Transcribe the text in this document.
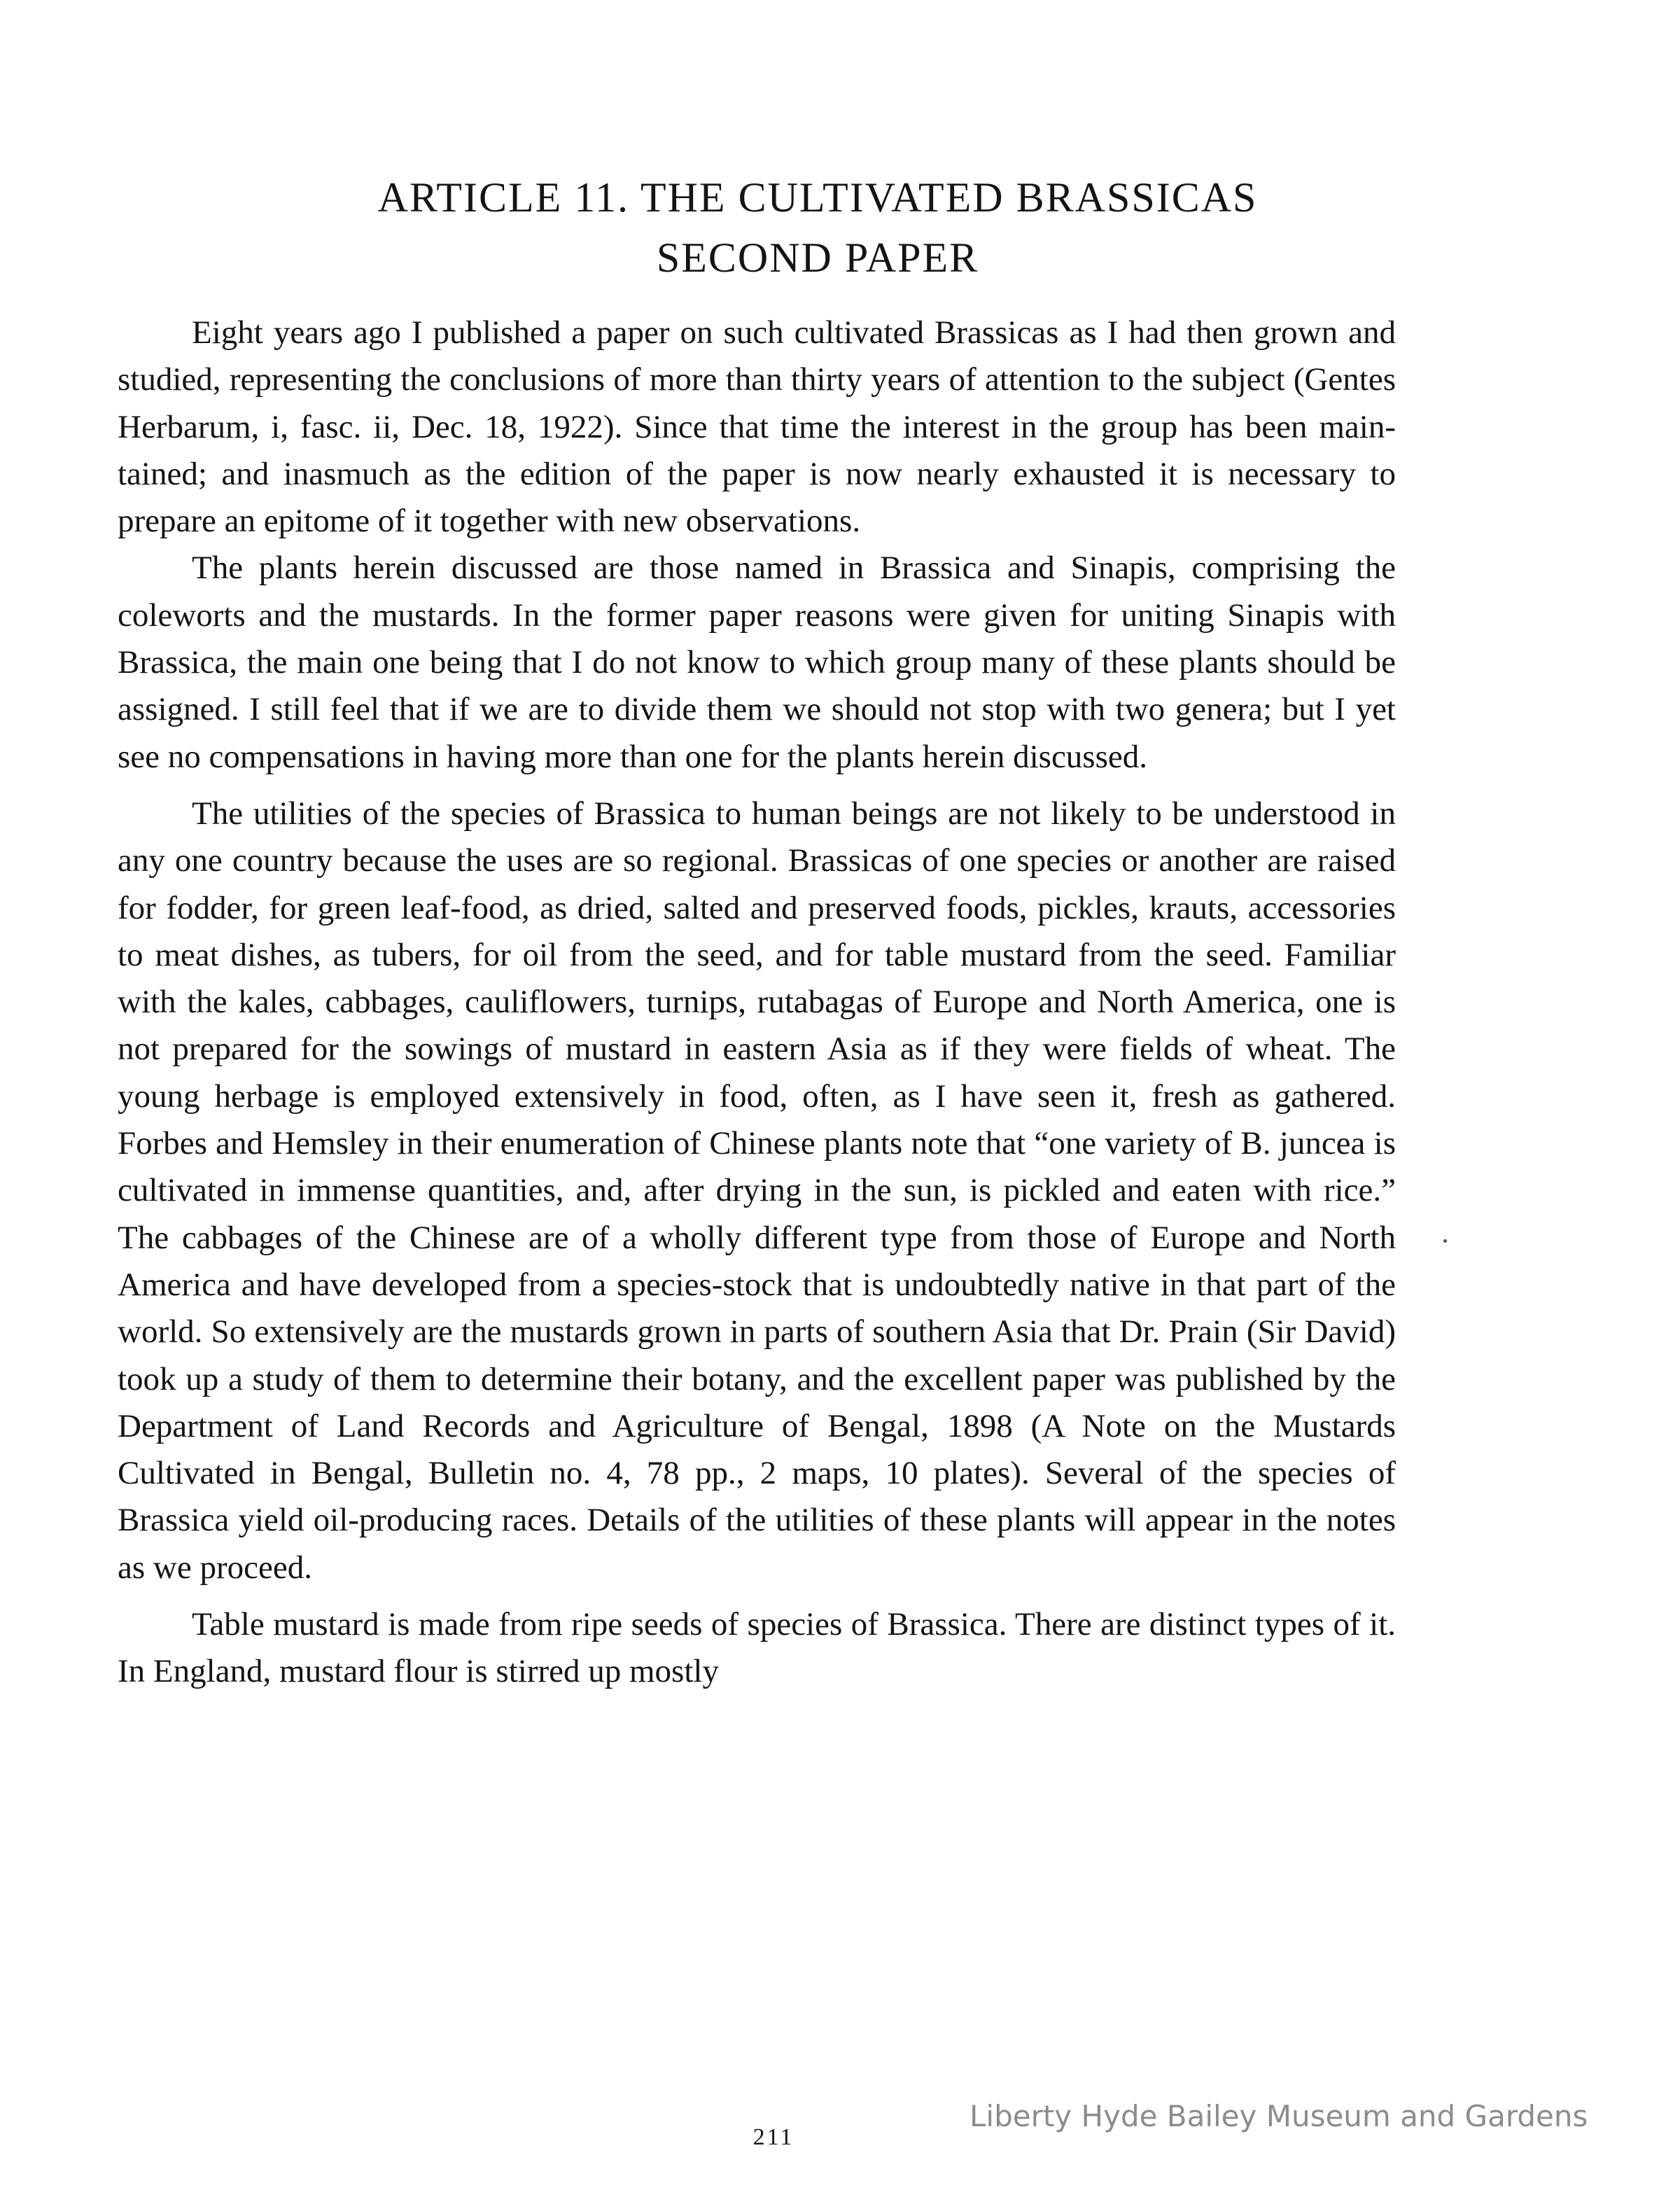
ARTICLE 11. THE CULTIVATED BRASSICAS
SECOND PAPER

Eight years ago I published a paper on such cultivated Brassicas as I had then grown and studied, representing the conclusions of more than thirty years of attention to the subject (Gentes Herbarum, i, fasc. ii, Dec. 18, 1922). Since that time the interest in the group has been maintained; and inasmuch as the edition of the paper is now nearly exhausted it is necessary to prepare an epitome of it together with new observations.

The plants herein discussed are those named in Brassica and Sinapis, comprising the coleworts and the mustards. In the former paper reasons were given for uniting Sinapis with Brassica, the main one being that I do not know to which group many of these plants should be assigned. I still feel that if we are to divide them we should not stop with two genera; but I yet see no compensations in having more than one for the plants herein discussed.

The utilities of the species of Brassica to human beings are not likely to be understood in any one country because the uses are so regional. Brassicas of one species or another are raised for fodder, for green leaf-food, as dried, salted and preserved foods, pickles, krauts, accessories to meat dishes, as tubers, for oil from the seed, and for table mustard from the seed. Familiar with the kales, cabbages, cauliflowers, turnips, rutabagas of Europe and North America, one is not prepared for the sowings of mustard in eastern Asia as if they were fields of wheat. The young herbage is employed extensively in food, often, as I have seen it, fresh as gathered. Forbes and Hemsley in their enumeration of Chinese plants note that “one variety of B. juncea is cultivated in immense quantities, and, after drying in the sun, is pickled and eaten with rice.” The cabbages of the Chinese are of a wholly different type from those of Europe and North America and have developed from a species-stock that is undoubtedly native in that part of the world. So extensively are the mustards grown in parts of southern Asia that Dr. Prain (Sir David) took up a study of them to determine their botany, and the excellent paper was published by the Department of Land Records and Agriculture of Bengal, 1898 (A Note on the Mustards Cultivated in Bengal, Bulletin no. 4, 78 pp., 2 maps, 10 plates). Several of the species of Brassica yield oil-producing races. Details of the utilities of these plants will appear in the notes as we proceed.

Table mustard is made from ripe seeds of species of Brassica. There are distinct types of it. In England, mustard flour is stirred up mostly

211
Liberty Hyde Bailey Museum and Gardens
